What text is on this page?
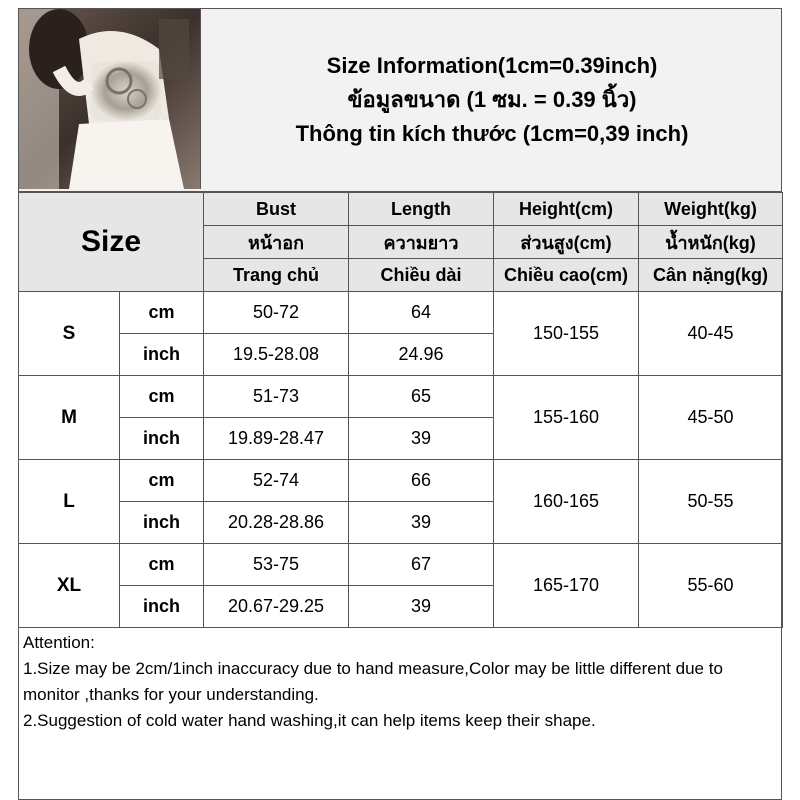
Size Information(1cm=0.39inch)
ข้อมูลขนาด (1 ซม. = 0.39 นิ้ว)
Thông tin kích thước (1cm=0,39 inch)
Size		Bust	Length	Height(cm)	Weight(kg)
		หน้าอก	ความยาว	ส่วนสูง(cm)	น้ำหนัก(kg)
		Trang chủ	Chiều dài	Chiều cao(cm)	Cân nặng(kg)
S	cm	50-72	64	150-155	40-45
	inch	19.5-28.08	24.96		
M	cm	51-73	65	155-160	45-50
	inch	19.89-28.47	39		
L	cm	52-74	66	160-165	50-55
	inch	20.28-28.86	39		
XL	cm	53-75	67	165-170	55-60
	inch	20.67-29.25	39		

Attention:

1.Size may be 2cm/1inch inaccuracy due to hand measure,Color may be little different due to monitor ,thanks for your understanding.

2.Suggestion of cold water hand washing,it can help items keep their shape.
